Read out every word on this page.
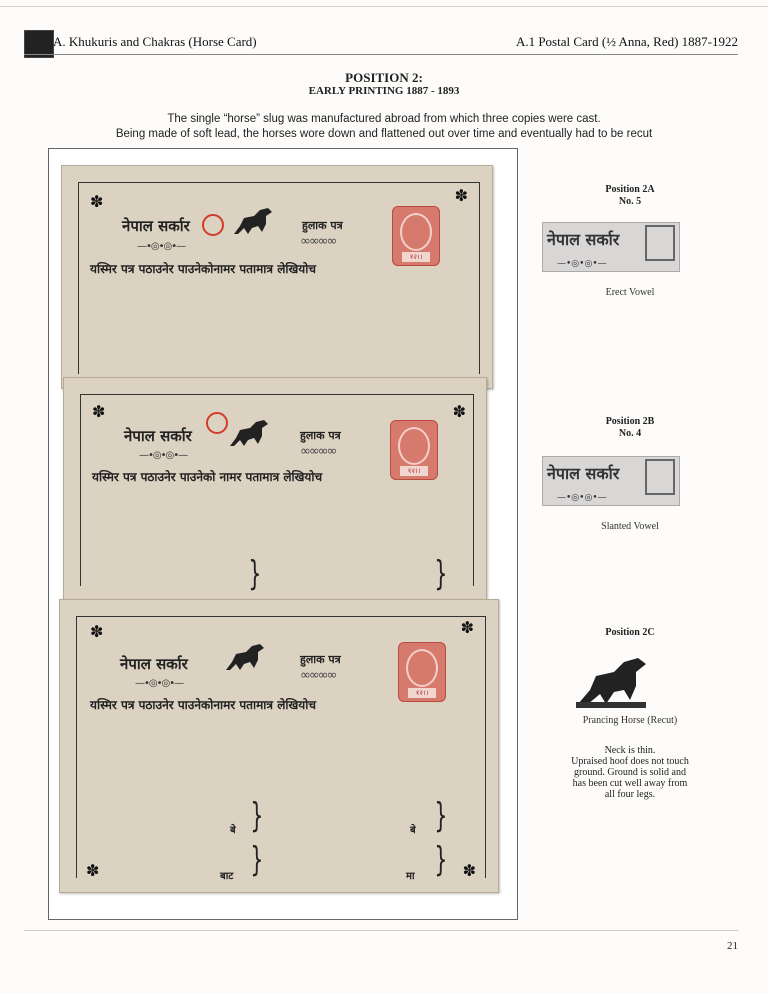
A. Khukuris and Chakras (Horse Card)	A.1 Postal Card (½ Anna, Red) 1887-1922
POSITION 2:
EARLY PRINTING 1887 - 1893
The single “horse” slug was manufactured abroad from which three copies were cast.
Being made of soft lead, the horses wore down and flattened out over time and eventually had to be recut
✽	✽
नेपाल सर्कार	हुलाक पत्र
—•◎•◎•—	∞∞∞∞
यस्मिर पत्र पठाउनेर पाउनेकोनामर पतामात्र लेखियोच
१२।।
✽	✽
नेपाल सर्कार	हुलाक पत्र
—•◎•◎•—	∞∞∞∞
यस्मिर पत्र पठाउनेर पाउनेको नामर पतामात्र लेखियोच	१२।।
}	}
✽	✽
✽	✽
नेपाल सर्कार	हुलाक पत्र
—•◎•◎•—
∞∞∞∞
यस्मिर पत्र पठाउनेर पाउनेकोनामर पतामात्र लेखियोच
१२।।
बे }
बाट }
बे }
मा }
Position 2A
No. 5
नेपाल सर्कार
—•◎•◎•—
Erect Vowel
Position 2B
No. 4
नेपाल सर्कार
—•◎•◎•—
Slanted Vowel
Position 2C
Prancing Horse (Recut)
Neck is thin.
Upraised hoof does not touch
ground. Ground is solid and
has been cut well away from
all four legs.
21
